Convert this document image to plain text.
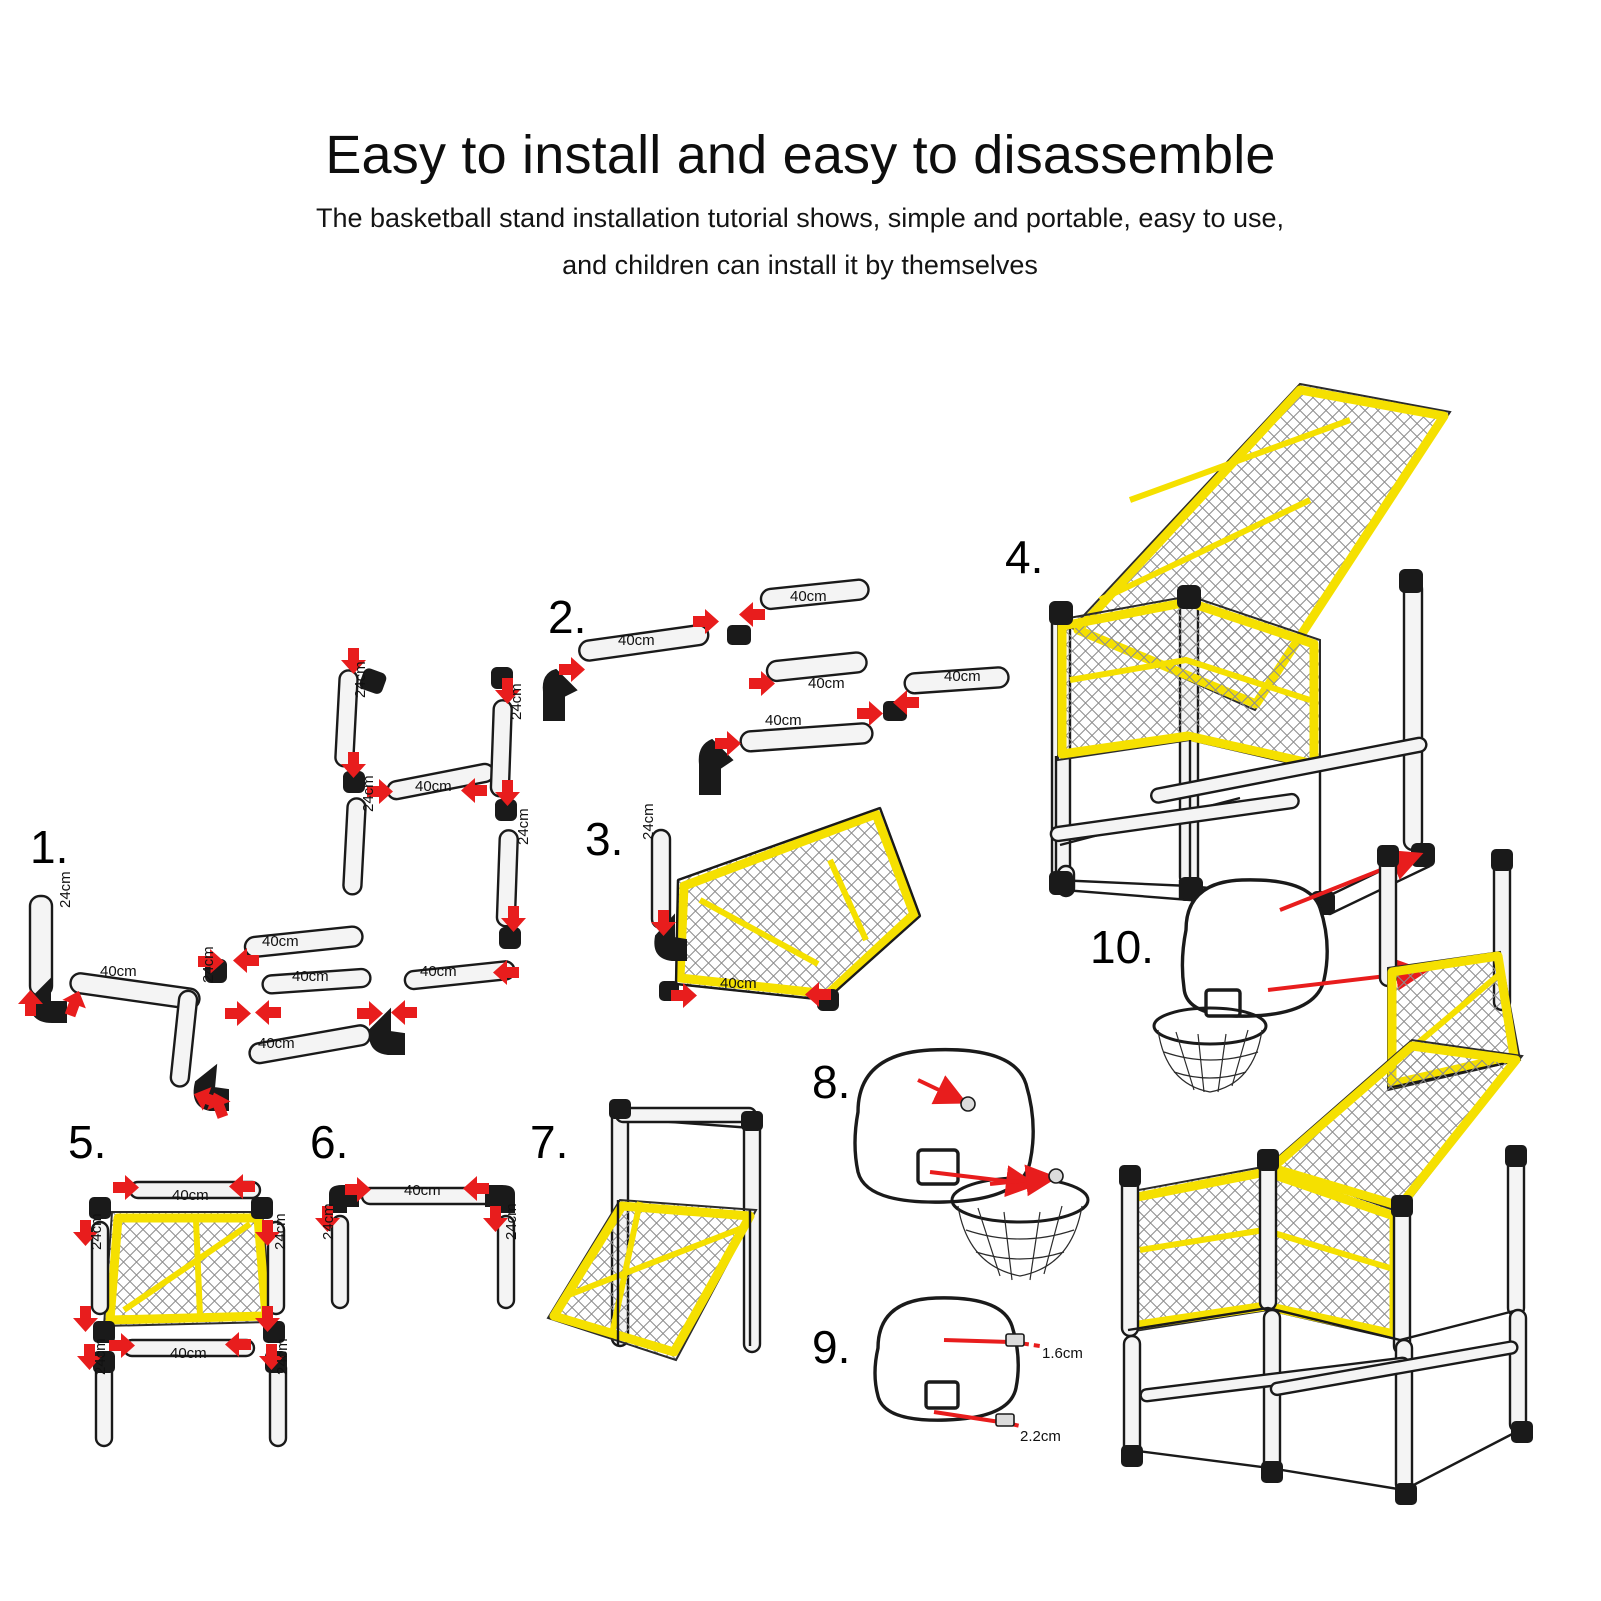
Easy to install and easy to disassemble
The basketball stand installation tutorial shows, simple and portable, easy to use,
and children can install it by themselves
1.
2.
3.
4.
5.	6.	7.
8.
9.
10.
24cm
40cm
40cm
24cm
40cm
40cm	40cm
24cm
24cm	40cm
24cm
24cm
40cm
40cm
40cm
40cm
40cm
24cm
40cm
40cm
24cm	24cm
40cm
24cm	24cm
40cm
24cm	24cm
1.6cm
2.2cm
